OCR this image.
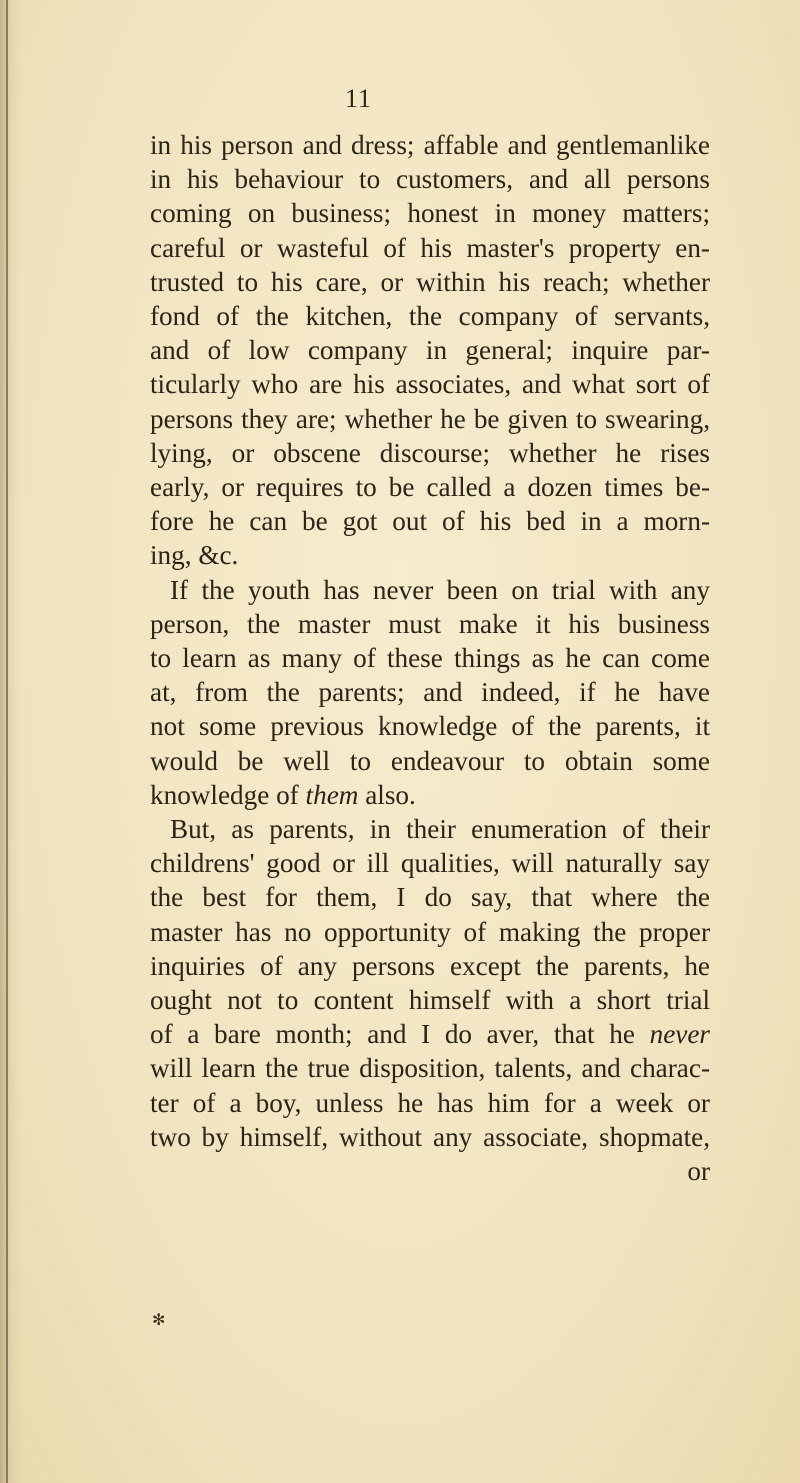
11
in his person and dress; affable and gentlemanlike
in his behaviour to customers, and all persons
coming on business; honest in money matters;
careful or wasteful of his master's property en-
trusted to his care, or within his reach; whether
fond of the kitchen, the company of servants,
and of low company in general; inquire par-
ticularly who are his associates, and what sort of
persons they are; whether he be given to swearing,
lying, or obscene discourse; whether he rises
early, or requires to be called a dozen times be-
fore he can be got out of his bed in a morn-
ing, &c.
If the youth has never been on trial with any
person, the master must make it his business
to learn as many of these things as he can come
at, from the parents; and indeed, if he have
not some previous knowledge of the parents, it
would be well to endeavour to obtain some
knowledge of them also.
But, as parents, in their enumeration of their
childrens' good or ill qualities, will naturally say
the best for them, I do say, that where the
master has no opportunity of making the proper
inquiries of any persons except the parents, he
ought not to content himself with a short trial
of a bare month; and I do aver, that he never
will learn the true disposition, talents, and charac-
ter of a boy, unless he has him for a week or
two by himself, without any associate, shopmate,
or
✻
